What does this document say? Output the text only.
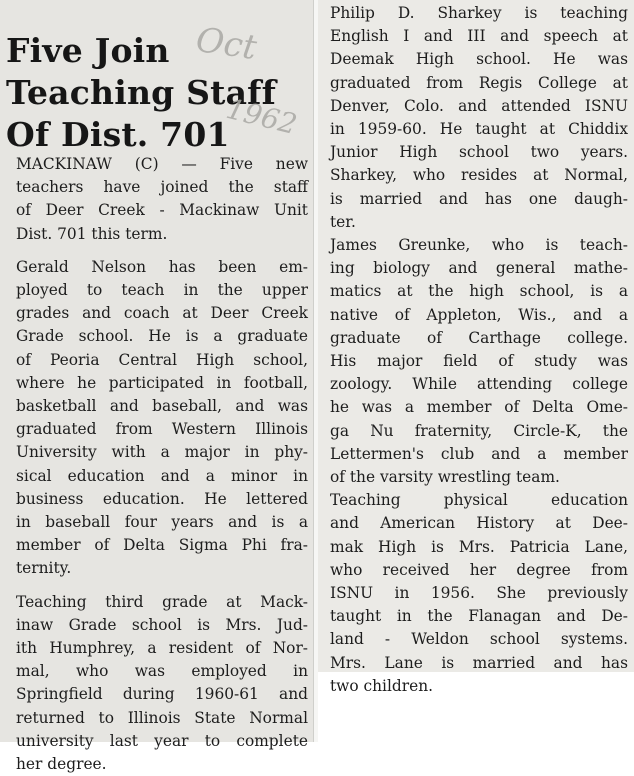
Five Join
Teaching Staff
Of Dist. 701
Oct
1962
MACKINAW (C) — Five new
teachers have joined the staff
of Deer Creek - Mackinaw Unit
Dist. 701 this term.
Gerald Nelson has been em-
ployed to teach in the upper
grades and coach at Deer Creek
Grade school. He is a graduate
of Peoria Central High school,
where he participated in football,
basketball and baseball, and was
graduated from Western Illinois
University with a major in phy-
sical education and a minor in
business education. He lettered
in baseball four years and is a
member of Delta Sigma Phi fra-
ternity.
Teaching third grade at Mack-
inaw Grade school is Mrs. Jud-
ith Humphrey, a resident of Nor-
mal, who was employed in
Springfield during 1960-61 and
returned to Illinois State Normal
university last year to complete
her degree.
Philip D. Sharkey is teaching
English I and III and speech at
Deemak High school. He was
graduated from Regis College at
Denver, Colo. and attended ISNU
in 1959-60. He taught at Chiddix
Junior High school two years.
Sharkey, who resides at Normal,
is married and has one daugh-
ter.
James Greunke, who is teach-
ing biology and general mathe-
matics at the high school, is a
native of Appleton, Wis., and a
graduate of Carthage college.
His major field of study was
zoology. While attending college
he was a member of Delta Ome-
ga Nu fraternity, Circle-K, the
Lettermen's club and a member
of the varsity wrestling team.
Teaching physical education
and American History at Dee-
mak High is Mrs. Patricia Lane,
who received her degree from
ISNU in 1956. She previously
taught in the Flanagan and De-
land - Weldon school systems.
Mrs. Lane is married and has
two children.
